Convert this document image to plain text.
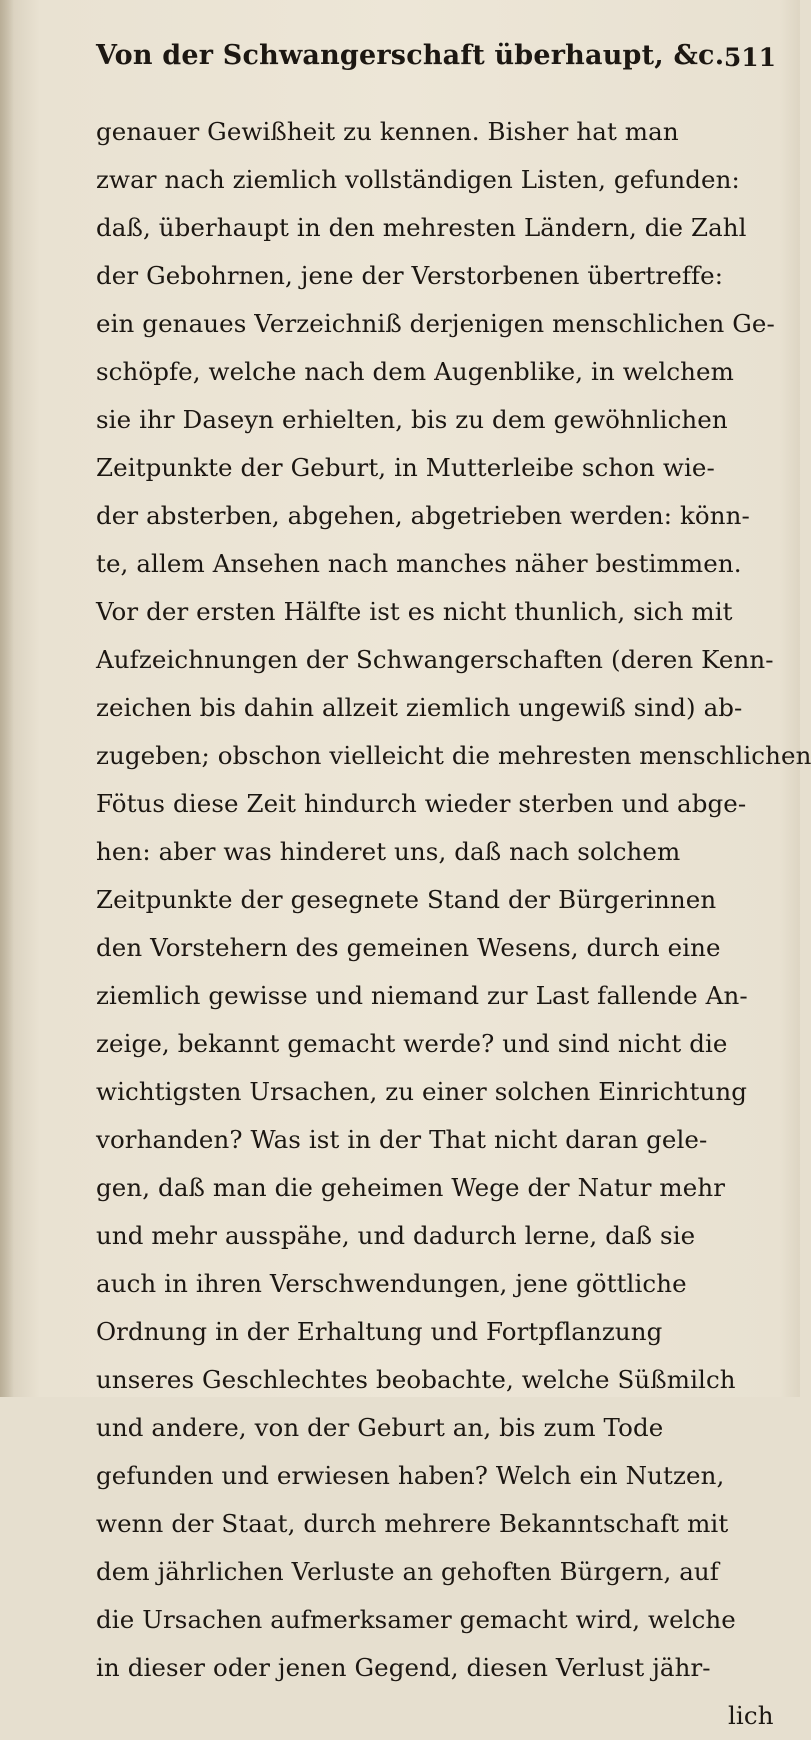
Von der Schwangerschaft überhaupt, &c. 511
genauer Gewißheit zu kennen. Bisher hat man
zwar nach ziemlich vollständigen Listen, gefunden:
daß, überhaupt in den mehresten Ländern, die Zahl
der Gebohrnen, jene der Verstorbenen übertreffe:
ein genaues Verzeichniß derjenigen menschlichen Ge-
schöpfe, welche nach dem Augenblike, in welchem
sie ihr Daseyn erhielten, bis zu dem gewöhnlichen
Zeitpunkte der Geburt, in Mutterleibe schon wie-
der absterben, abgehen, abgetrieben werden: könn-
te, allem Ansehen nach manches näher bestimmen.
Vor der ersten Hälfte ist es nicht thunlich, sich mit
Aufzeichnungen der Schwangerschaften (deren Kenn-
zeichen bis dahin allzeit ziemlich ungewiß sind) ab-
zugeben; obschon vielleicht die mehresten menschlichen
Fötus diese Zeit hindurch wieder sterben und abge-
hen: aber was hinderet uns, daß nach solchem
Zeitpunkte der gesegnete Stand der Bürgerinnen
den Vorstehern des gemeinen Wesens, durch eine
ziemlich gewisse und niemand zur Last fallende An-
zeige, bekannt gemacht werde? und sind nicht die
wichtigsten Ursachen, zu einer solchen Einrichtung
vorhanden? Was ist in der That nicht daran gele-
gen, daß man die geheimen Wege der Natur mehr
und mehr ausspähe, und dadurch lerne, daß sie
auch in ihren Verschwendungen, jene göttliche
Ordnung in der Erhaltung und Fortpflanzung
unseres Geschlechtes beobachte, welche Süßmilch
und andere, von der Geburt an, bis zum Tode
gefunden und erwiesen haben? Welch ein Nutzen,
wenn der Staat, durch mehrere Bekanntschaft mit
dem jährlichen Verluste an gehoften Bürgern, auf
die Ursachen aufmerksamer gemacht wird, welche
in dieser oder jenen Gegend, diesen Verlust jähr-
lich
